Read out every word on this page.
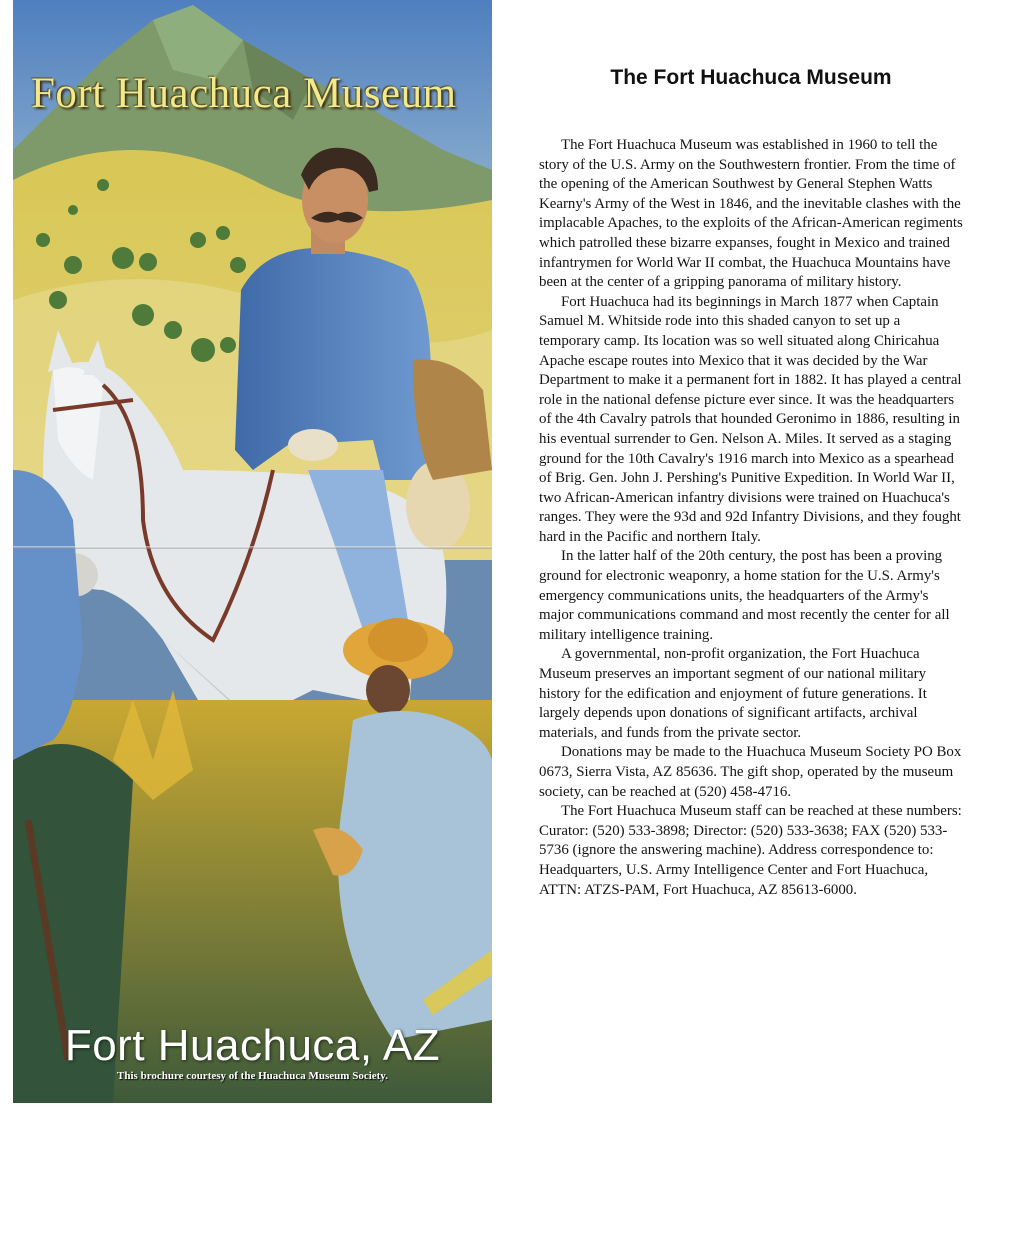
Fort Huachuca Museum
Fort Huachuca, AZ
This brochure courtesy of the Huachuca Museum Society.
The Fort Huachuca Museum

The Fort Huachuca Museum was established in 1960 to tell the story of the U.S. Army on the Southwestern frontier. From the time of the opening of the American Southwest by General Stephen Watts Kearny's Army of the West in 1846, and the inevitable clashes with the implacable Apaches, to the exploits of the African-American regiments which patrolled these bizarre expanses, fought in Mexico and trained infantrymen for World War II combat, the Huachuca Mountains have been at the center of a gripping panorama of military history.

Fort Huachuca had its beginnings in March 1877 when Captain Samuel M. Whitside rode into this shaded canyon to set up a temporary camp. Its location was so well situated along Chiricahua Apache escape routes into Mexico that it was decided by the War Department to make it a permanent fort in 1882. It has played a central role in the national defense picture ever since. It was the headquarters of the 4th Cavalry patrols that hounded Geronimo in 1886, resulting in his eventual surrender to Gen. Nelson A. Miles. It served as a staging ground for the 10th Cavalry's 1916 march into Mexico as a spearhead of Brig. Gen. John J. Pershing's Punitive Expedition. In World War II, two African-American infantry divisions were trained on Huachuca's ranges. They were the 93d and 92d Infantry Divisions, and they fought hard in the Pacific and northern Italy.

In the latter half of the 20th century, the post has been a proving ground for electronic weaponry, a home station for the U.S. Army's emergency communications units, the headquarters of the Army's major communications command and most recently the center for all military intelligence training.

A governmental, non-profit organization, the Fort Huachuca Museum preserves an important segment of our national military history for the edification and enjoyment of future generations. It largely depends upon donations of significant artifacts, archival materials, and funds from the private sector.

Donations may be made to the Huachuca Museum Society PO Box 0673, Sierra Vista, AZ 85636. The gift shop, operated by the museum society, can be reached at (520) 458-4716.

The Fort Huachuca Museum staff can be reached at these numbers: Curator: (520) 533-3898; Director: (520) 533-3638; FAX (520) 533-5736 (ignore the answering machine). Address correspondence to: Headquarters, U.S. Army Intelligence Center and Fort Huachuca, ATTN: ATZS-PAM, Fort Huachuca, AZ 85613-6000.
